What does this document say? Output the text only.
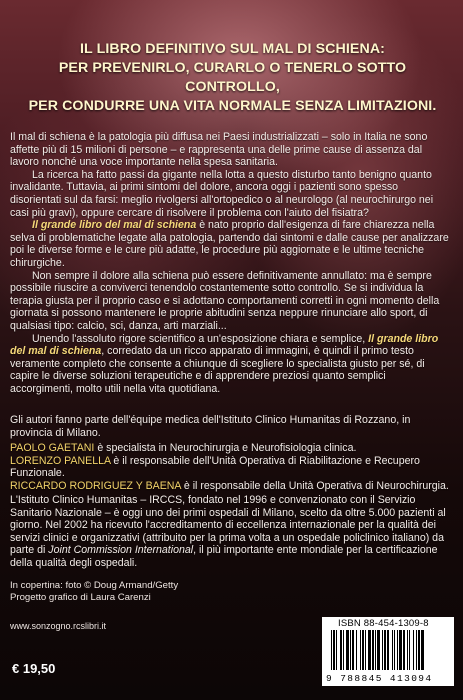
IL LIBRO DEFINITIVO SUL MAL DI SCHIENA:
PER PREVENIRLO, CURARLO O TENERLO SOTTO CONTROLLO,
PER CONDURRE UNA VITA NORMALE SENZA LIMITAZIONI.

Il mal di schiena è la patologia più diffusa nei Paesi industrializzati – solo in Italia ne sono affette più di 15 milioni di persone – e rappresenta una delle prime cause di assenza dal lavoro nonché una voce importante nella spesa sanitaria.

La ricerca ha fatto passi da gigante nella lotta a questo disturbo tanto benigno quanto invalidante. Tuttavia, ai primi sintomi del dolore, ancora oggi i pazienti sono spesso disorientati sul da farsi: meglio rivolgersi all'ortopedico o al neurologo (al neurochirurgo nei casi più gravi), oppure cercare di risolvere il problema con l'aiuto del fisiatra?

Il grande libro del mal di schiena è nato proprio dall'esigenza di fare chiarezza nella selva di problematiche legate alla patologia, partendo dai sintomi e dalle cause per analizzare poi le diverse forme e le cure più adatte, le procedure più aggiornate e le ultime tecniche chirurgiche.

Non sempre il dolore alla schiena può essere definitivamente annullato: ma è sempre possibile riuscire a conviverci tenendolo costantemente sotto controllo. Se si individua la terapia giusta per il proprio caso e si adottano comportamenti corretti in ogni momento della giornata si possono mantenere le proprie abitudini senza neppure rinunciare allo sport, di qualsiasi tipo: calcio, sci, danza, arti marziali...

Unendo l'assoluto rigore scientifico a un'esposizione chiara e semplice, Il grande libro del mal di schiena, corredato da un ricco apparato di immagini, è quindi il primo testo veramente completo che consente a chiunque di scegliere lo specialista giusto per sé, di capire le diverse soluzioni terapeutiche e di apprendere preziosi quanto semplici accorgimenti, molto utili nella vita quotidiana.

Gli autori fanno parte dell'équipe medica dell'Istituto Clinico Humanitas di Rozzano, in provincia di Milano.

PAOLO GAETANI è specialista in Neurochirurgia e Neurofisiologia clinica.

LORENZO PANELLA è il responsabile dell'Unità Operativa di Riabilitazione e Recupero Funzionale.

RICCARDO RODRIGUEZ Y BAENA è il responsabile della Unità Operativa di Neurochirurgia.

L'Istituto Clinico Humanitas – IRCCS, fondato nel 1996 e convenzionato con il Servizio Sanitario Nazionale – è oggi uno dei primi ospedali di Milano, scelto da oltre 5.000 pazienti al giorno. Nel 2002 ha ricevuto l'accreditamento di eccellenza internazionale per la qualità dei servizi clinici e organizzativi (attribuito per la prima volta a un ospedale policlinico italiano) da parte di Joint Commission International, il più importante ente mondiale per la certificazione della qualità degli ospedali.

In copertina: foto © Doug Armand/Getty
Progetto grafico di Laura Carenzi
www.sonzogno.rcslibri.it
€ 19,50
ISBN 88-454-1309-8
9 788845 413094
